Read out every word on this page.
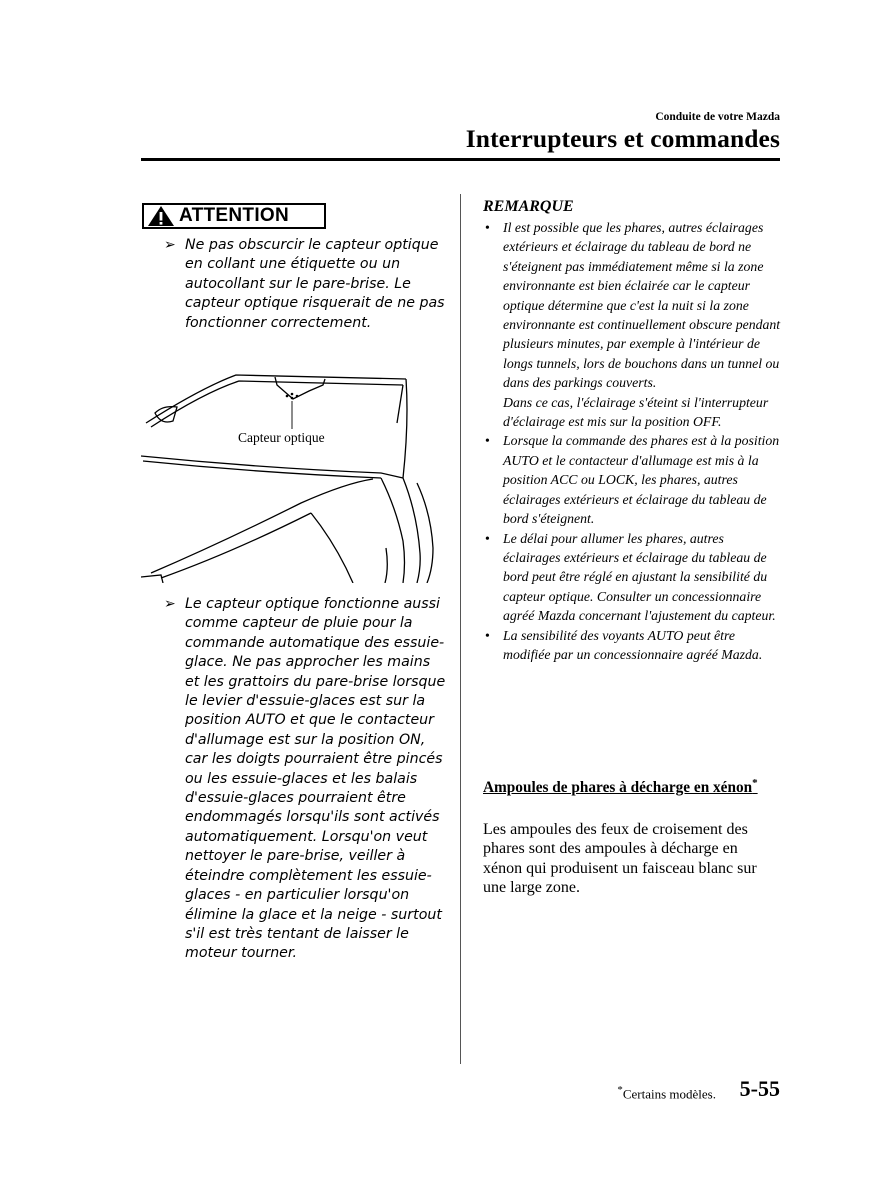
Conduite de votre Mazda
Interrupteurs et commandes
ATTENTION
➢ Ne pas obscurcir le capteur optique en collant une étiquette ou un autocollant sur le pare-brise. Le capteur optique risquerait de ne pas fonctionner correctement.
Capteur optique
➢ Le capteur optique fonctionne aussi comme capteur de pluie pour la commande automatique des essuie-glace. Ne pas approcher les mains et les grattoirs du pare-brise lorsque le levier d'essuie-glaces est sur la position AUTO et que le contacteur d'allumage est sur la position ON, car les doigts pourraient être pincés ou les essuie-glaces et les balais d'essuie-glaces pourraient être endommagés lorsqu'ils sont activés automatiquement. Lorsqu'on veut nettoyer le pare-brise, veiller à éteindre complètement les essuie-glaces - en particulier lorsqu'on élimine la glace et la neige - surtout s'il est très tentant de laisser le moteur tourner.
REMARQUE
• Il est possible que les phares, autres éclairages extérieurs et éclairage du tableau de bord ne s'éteignent pas immédiatement même si la zone environnante est bien éclairée car le capteur optique détermine que c'est la nuit si la zone environnante est continuellement obscure pendant plusieurs minutes, par exemple à l'intérieur de longs tunnels, lors de bouchons dans un tunnel ou dans des parkings couverts.
Dans ce cas, l'éclairage s'éteint si l'interrupteur d'éclairage est mis sur la position OFF.
• Lorsque la commande des phares est à la position AUTO et le contacteur d'allumage est mis à la position ACC ou LOCK, les phares, autres éclairages extérieurs et éclairage du tableau de bord s'éteignent.
• Le délai pour allumer les phares, autres éclairages extérieurs et éclairage du tableau de bord peut être réglé en ajustant la sensibilité du capteur optique. Consulter un concessionnaire agréé Mazda concernant l'ajustement du capteur.
• La sensibilité des voyants AUTO peut être modifiée par un concessionnaire agréé Mazda.
Ampoules de phares à décharge en xénon*
Les ampoules des feux de croisement des phares sont des ampoules à décharge en xénon qui produisent un faisceau blanc sur une large zone.
*Certains modèles. 5-55
